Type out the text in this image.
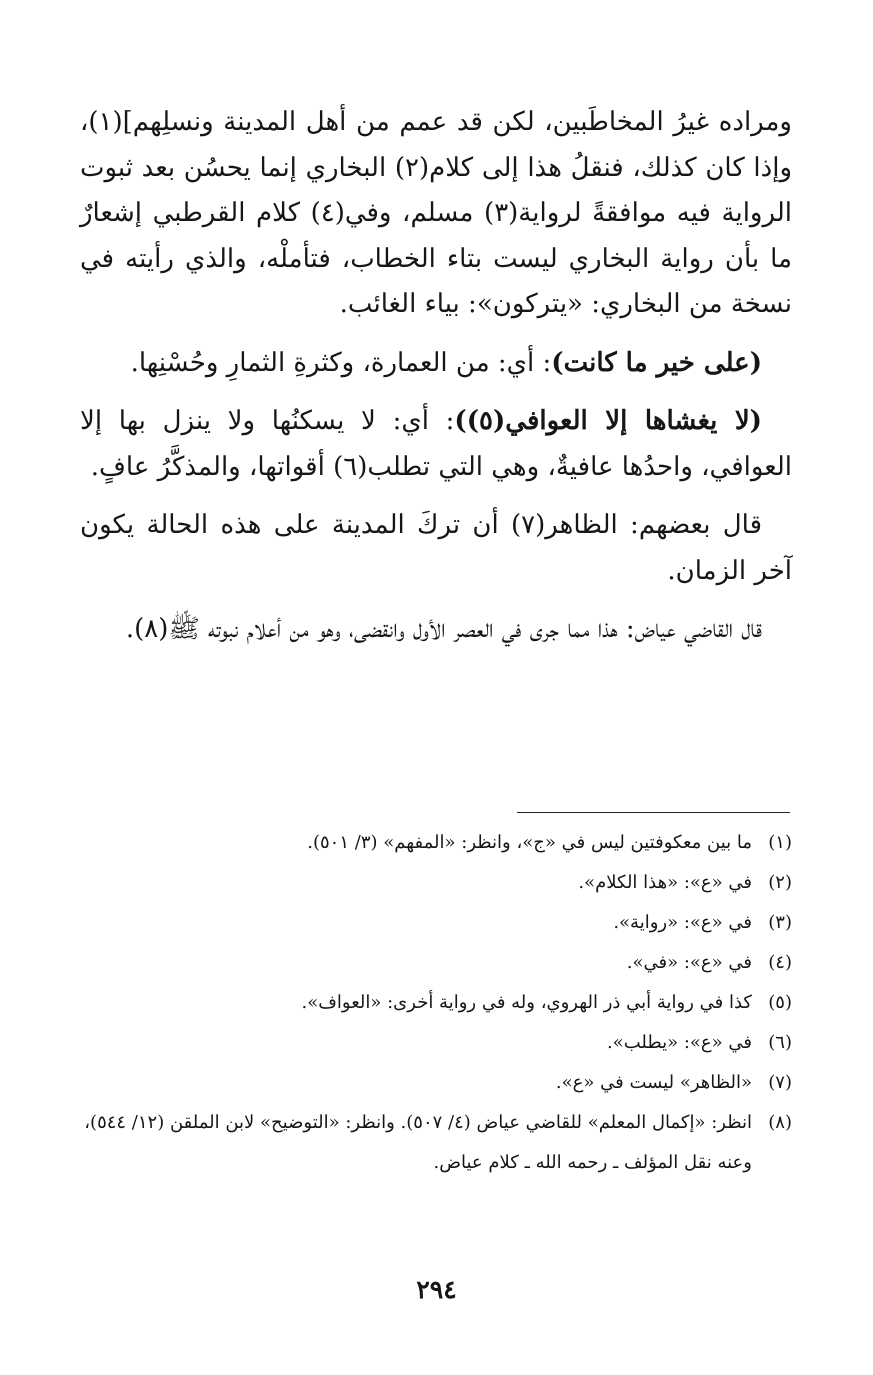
ومراده غيرُ المخاطَبين، لكن قد عمم من أهل المدينة ونسلِهم](١)، وإذا كان كذلك، فنقلُ هذا إلى كلام(٢) البخاري إنما يحسُن بعد ثبوت الرواية فيه موافقةً لرواية(٣) مسلم، وفي(٤) كلام القرطبي إشعارٌ ما بأن رواية البخاري ليست بتاء الخطاب، فتأملْه، والذي رأيته في نسخة من البخاري: «يتركون»: بياء الغائب.

(على خير ما كانت): أي: من العمارة، وكثرةِ الثمارِ وحُسْنِها.

(لا يغشاها إلا العوافي(٥)): أي: لا يسكنُها ولا ينزل بها إلا العوافي، واحدُها عافيةٌ، وهي التي تطلب(٦) أقواتها، والمذكَّرُ عافٍ.

قال بعضهم: الظاهر(٧) أن تركَ المدينة على هذه الحالة يكون آخر الزمان.

قال القاضي عياض: هذا مما جرى في العصر الأول وانقضى، وهو من أعلام نبوته ﷺ(٨).

(١)
ما بين معكوفتين ليس في «ج»، وانظر: «المفهم» (٣/ ٥٠١).
(٢)
في «ع»: «هذا الكلام».
(٣)
في «ع»: «رواية».
(٤)
في «ع»: «في».
(٥)
كذا في رواية أبي ذر الهروي، وله في رواية أخرى: «العواف».
(٦)
في «ع»: «يطلب».
(٧)
«الظاهر» ليست في «ع».
(٨)
انظر: «إكمال المعلم» للقاضي عياض (٤/ ٥٠٧). وانظر: «التوضيح» لابن الملقن (١٢/ ٥٤٤)، وعنه نقل المؤلف ـ رحمه الله ـ كلام عياض.
٢٩٤
